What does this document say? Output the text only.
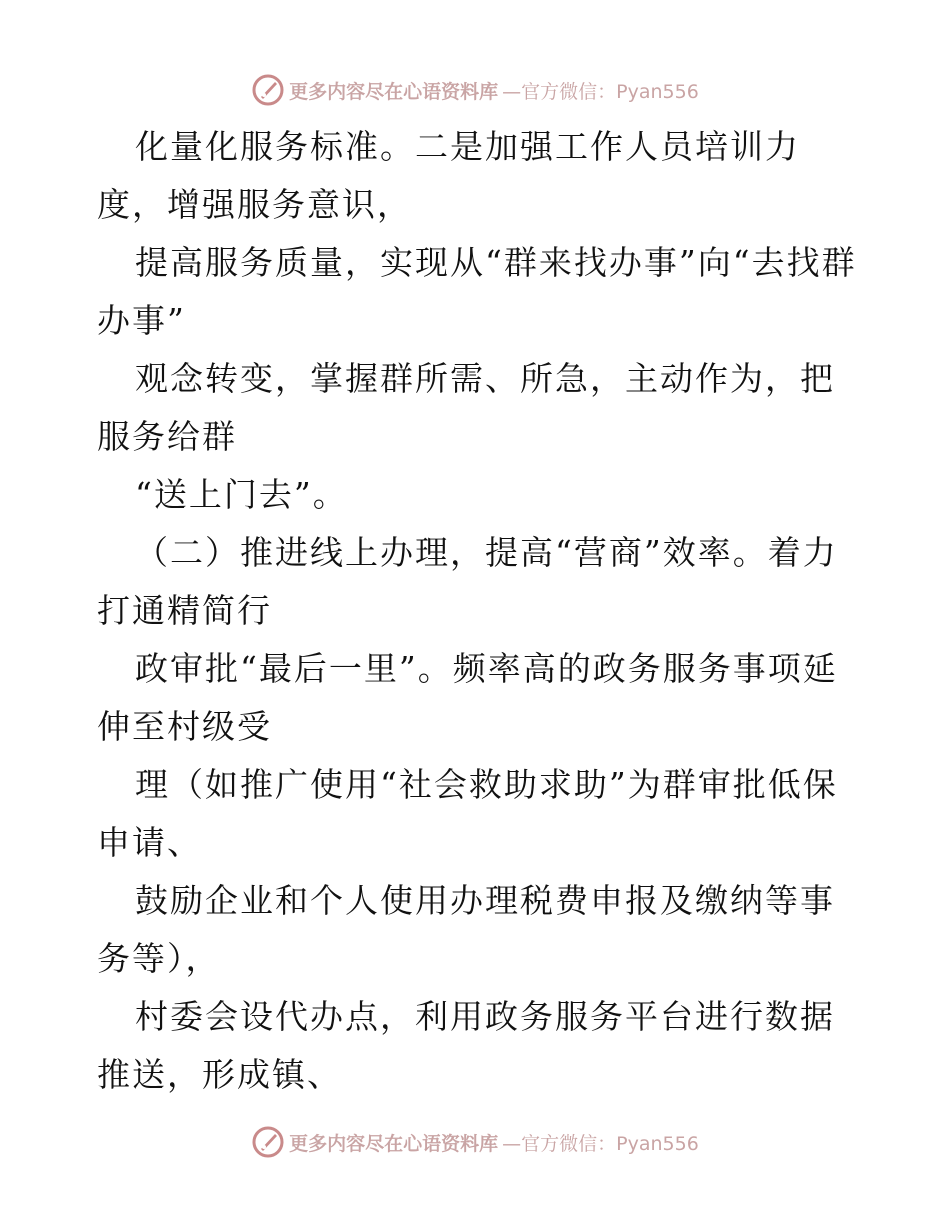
更多内容尽在心语资料库 —官方微信：Pyan556

化量化服务标准。二是加强工作人员培训力度，增强服务意识，

提高服务质量，实现从“群来找办事”向“去找群办事”

观念转变，掌握群所需、所急，主动作为，把服务给群

“送上门去”。

（二）推进线上办理，提高“营商”效率。着力打通精简行

政审批“最后一里”。频率高的政务服务事项延伸至村级受

理（如推广使用“社会救助求助”为群审批低保申请、

鼓励企业和个人使用办理税费申报及缴纳等事务等），

村委会设代办点，利用政务服务平台进行数据推送，形成镇、

更多内容尽在心语资料库 —官方微信：Pyan556
